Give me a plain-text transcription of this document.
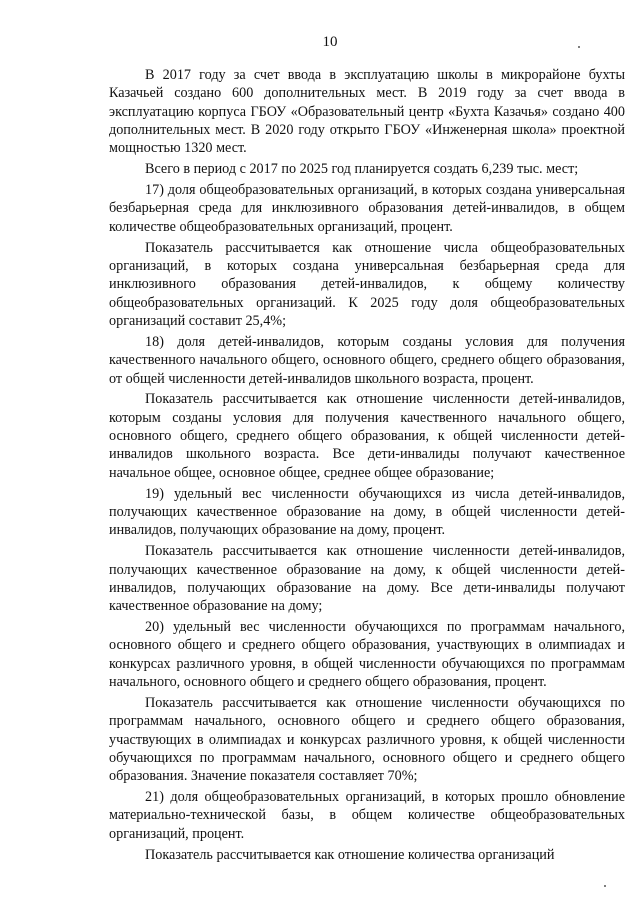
10

В 2017 году за счет ввода в эксплуатацию школы в микрорайоне бухты Казачьей создано 600 дополнительных мест. В 2019 году за счет ввода в эксплуатацию корпуса ГБОУ «Образовательный центр «Бухта Казачья» создано 400 дополнительных мест. В 2020 году открыто ГБОУ «Инженерная школа» проектной мощностью 1320 мест.

Всего в период с 2017 по 2025 год планируется создать 6,239 тыс. мест;

17) доля общеобразовательных организаций, в которых создана универсальная безбарьерная среда для инклюзивного образования детей-инвалидов, в общем количестве общеобразовательных организаций, процент.

Показатель рассчитывается как отношение числа общеобразовательных организаций, в которых создана универсальная безбарьерная среда для инклюзивного образования детей-инвалидов, к общему количеству общеобразовательных организаций. К 2025 году доля общеобразовательных организаций составит 25,4%;

18) доля детей-инвалидов, которым созданы условия для получения качественного начального общего, основного общего, среднего общего образования, от общей численности детей-инвалидов школьного возраста, процент.

Показатель рассчитывается как отношение численности детей-инвалидов, которым созданы условия для получения качественного начального общего, основного общего, среднего общего образования, к общей численности детей-инвалидов школьного возраста. Все дети-инвалиды получают качественное начальное общее, основное общее, среднее общее образование;

19) удельный вес численности обучающихся из числа детей-инвалидов, получающих качественное образование на дому, в общей численности детей-инвалидов, получающих образование на дому, процент.

Показатель рассчитывается как отношение численности детей-инвалидов, получающих качественное образование на дому, к общей численности детей-инвалидов, получающих образование на дому. Все дети-инвалиды получают качественное образование на дому;

20) удельный вес численности обучающихся по программам начального, основного общего и среднего общего образования, участвующих в олимпиадах и конкурсах различного уровня, в общей численности обучающихся по программам начального, основного общего и среднего общего образования, процент.

Показатель рассчитывается как отношение численности обучающихся по программам начального, основного общего и среднего общего образования, участвующих в олимпиадах и конкурсах различного уровня, к общей численности обучающихся по программам начального, основного общего и среднего общего образования. Значение показателя составляет 70%;

21) доля общеобразовательных организаций, в которых прошло обновление материально-технической базы, в общем количестве общеобразовательных организаций, процент.

Показатель рассчитывается как отношение количества организаций
